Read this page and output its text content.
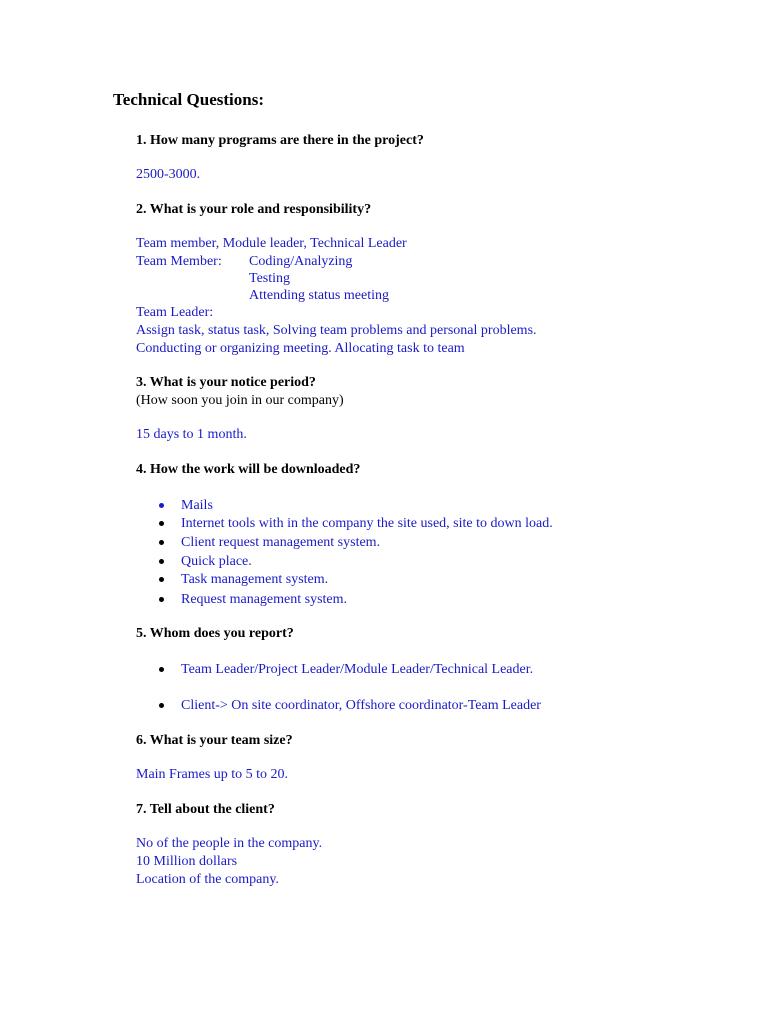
Technical Questions:
1. How many programs are there in the project?
2500-3000.
2. What is your role and responsibility?
Team member, Module leader, Technical Leader
Team Member: Coding/Analyzing
Testing
Attending status meeting
Team Leader:
Assign task, status task, Solving team problems and personal problems.
Conducting or organizing meeting. Allocating task to team
3. What is your notice period?
(How soon you join in our company)
15 days to 1 month.
4. How the work will be downloaded?
Mails
Internet tools with in the company the site used, site to down load.
Client request management system.
Quick place.
Task management system.
Request management system.
5. Whom does you report?
Team Leader/Project Leader/Module Leader/Technical Leader.
Client-> On site coordinator, Offshore coordinator-Team Leader
6. What is your team size?
Main Frames up to 5 to 20.
7. Tell about the client?
No of the people in the company.
10 Million dollars
Location of the company.
